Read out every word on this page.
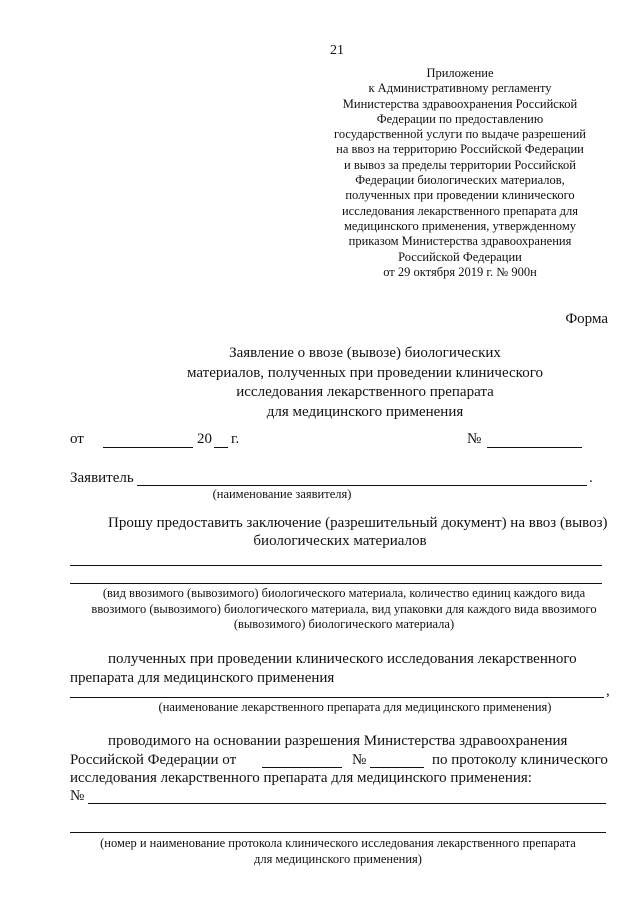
21
Приложение
к Административному регламенту
Министерства здравоохранения Российской
Федерации по предоставлению
государственной услуги по выдаче разрешений
на ввоз на территорию Российской Федерации
и вывоз за пределы территории Российской
Федерации биологических материалов,
полученных при проведении клинического
исследования лекарственного препарата для
медицинского применения, утвержденному
приказом Министерства здравоохранения
Российской Федерации
от 29 октября 2019 г. № 900н
Форма
Заявление о ввозе (вывозе) биологических
материалов, полученных при проведении клинического
исследования лекарственного препарата
для медицинского применения
от	20 г.	№
Заявитель	.
(наименование заявителя)
Прошу предоставить заключение (разрешительный документ) на ввоз (вывоз)
биологических материалов
(вид ввозимого (вывозимого) биологического материала, количество единиц каждого вида
ввозимого (вывозимого) биологического материала, вид упаковки для каждого вида ввозимого
(вывозимого) биологического материала)
полученных при проведении клинического исследования лекарственного
препарата для медицинского применения
,
(наименование лекарственного препарата для медицинского применения)
проводимого на основании разрешения Министерства здравоохранения
Российской Федерации от	№	по протоколу клинического
исследования лекарственного препарата для медицинского применения:
№
(номер и наименование протокола клинического исследования лекарственного препарата
для медицинского применения)
